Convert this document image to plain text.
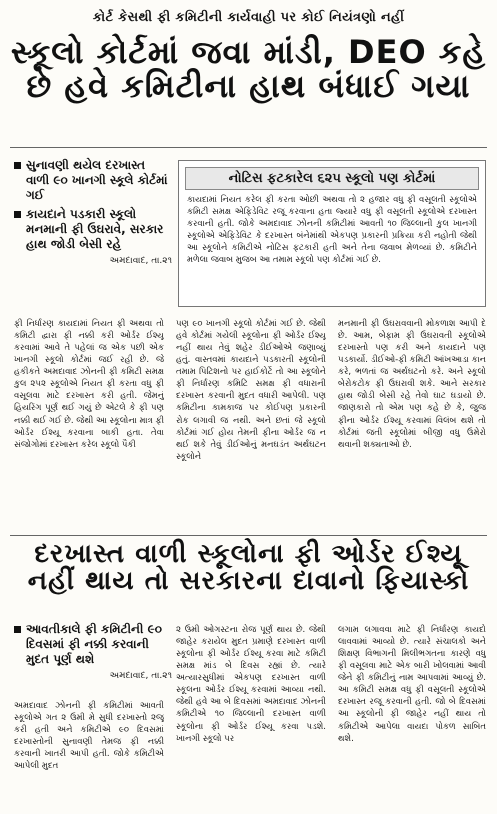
કોર્ટ કેસથી ફી કમિટીની કાર્યવાહી પર કોઈ નિયંત્રણો નહીં
સ્કૂલો કોર્ટમાં જવા માંડી, DEO કહે છે હવે કમિટીના હાથ બંધાઈ ગયા
સુનાવણી થયેલ દરખાસ્ત વાળી ૯૦ ખાનગી સ્કૂલે કોર્ટમાં ગઈ
કાયદાને પડકારી સ્કૂલો મનમાની ફી ઉઘરાવે, સરકાર હાથ જોડી બેસી રહે
અમદાવાદ, તા.૨૧
નોટિસ ફટકારેલ ૬૨૫ સ્કૂલો પણ કોર્ટમાં
કાયદામાં નિયત કરેલ ફી કરતા ઓછી અથવા તો ૨ હજાર વધુ ફી વસૂલતી સ્કૂલોએ કમિટી સમક્ષ એફિડેવિટ રજૂ કરવાના હતા જ્યારે વધુ ફી વસૂલતી સ્કૂલોએ દરખાસ્ત કરવાની હતી. જોકે અમદાવાદ ઝોનની કમિટીમાં આવતી ૧૦ જિલ્લાની કુલ ખાનગી સ્કૂલોએ એફિડેવિટ કે દરખાસ્ત બંનેમાંથી એકપણ પ્રકારની પ્રક્રિયા કરી નહોતી જેથી આ સ્કૂલોને કમિટીએ નોટિસ ફટકારી હતી અને તેના જવાબ મેળવ્યાં છે. કમિટીને મળેલા જવાબ મુજબ આ તમામ સ્કૂલો પણ કોર્ટમાં ગઈ છે.
ફી નિર્ધારણ કાયદામાં નિયત ફી અથવા તો કમિટી દ્વારા ફી નક્કી કરી ઓર્ડર ઈશ્યૂ કરવામાં આવે તે પહેલાં જ એક પછી એક ખાનગી સ્કૂલો કોર્ટમાં જઈ રહી છે. જે હકીકતે અમદાવાદ ઝોનની ફી કમિટી સમક્ષ કુલ ૨૫૨ સ્કૂલોએ નિયત ફી કરતા વધુ ફી વસૂલવા માટે દરખાસ્ત કરી હતી. જેમનું હિયરિંગ પૂર્ણ થઈ ગયું છે એટલે કે ફી પણ નક્કી થઈ ગઈ છે. જેથી આ સ્કૂલોના માત્ર ફી ઓર્ડર ઈશ્યૂ કરવાના બાકી હતા. તેવા સંજોગોમાં દરખાસ્ત કરેલ સ્કૂલો પૈકી
પણ ૯૦ ખાનગી સ્કૂલો કોર્ટમાં ગઈ છે. જેથી હવે કોર્ટમાં ગયેલી સ્કૂલોના ફી ઓર્ડર ઈશ્યૂ નહીં થાય તેવું શહેર ડીઈઓએ જણાવ્યું હતું. વાસ્તવમાં કાયદાને પડકારતી સ્કૂલોની તમામ પિટિશનો પર હાઈકોર્ટે તો આ સ્કૂલોને ફી નિર્ધારણ કમિટિ સમક્ષ ફી વધારાની દરખાસ્ત કરવાની મુદત વધારી આપેલી. પણ કમિટીના કામકાજ પર કોઈપણ પ્રકારની રોક લગાવી જ નથી. અને છતાં જે સ્કૂલો કોર્ટમાં ગઈ હોય તેમની ફીના ઓર્ડર જ ન થઈ શકે તેવું ડીઈઓનું મનઘડંત અર્થઘટન સ્કૂલોને
મનમાની ફી ઉઘરાવવાની મોકળાશ આપી દે છે. આમ, બેફામ ફી ઉઘરાવતી સ્કૂલોએ દરખાસ્તો પણ કરી અને કાયદાને પણ પડકાર્યો. ડીઈઓ-ફી કમિટી આંખઆડા કાન કરે, ભળતાં જ અર્થઘટનો કરે. અને સ્કૂલો બેરોકટોક ફી ઉઘરાવી શકે. આને સરકાર હાથ જોડી બેસી રહે તેવો ઘાટ ઘડાયો છે. જાણકારો તો એમ પણ કહે છે કે, જુજ ફીના ઓર્ડર ઈશ્યૂ કરવામાં વિલંબ થશે તો કોર્ટમાં જતી સ્કૂલોમાં બીજી વધુ ઉમેરો થવાની શક્યતાઓ છે.
દરખાસ્ત વાળી સ્કૂલોના ફી ઓર્ડર ઈશ્યૂ નહીં થાય તો સરકારના દાવાનો ફિયાસ્કો
આવતીકાલે ફી કમિટીની ૯૦ દિવસમાં ફી નક્કી કરવાની મુદત પૂર્ણ થશે
અમદાવાદ, તા.૨૧
અમદાવાદ ઝોનની ફી કમિટીમાં આવતી સ્કૂલોએ ગત ૨ ઉમી મે સુધી દરખાસ્તો ૨જૂ કરી હતી અને કમિટીએ ૯૦ દિવસમાં દરખાસ્તોની સુનાવણી તેમજ ફી નક્કી કરવાની ખાતરી આપી હતી. જોકે કમિટીએ આપેલી મુદત
૨ ઉમી ઓગસ્ટના રોજ પૂર્ણ થાય છે. જેથી જાહેર કરાયેલ મુદત પ્રમાણે દરખાસ્ત વાળી સ્કૂલોના ફી ઓર્ડર ઈશ્યૂ કરવા માટે કમિટી સમક્ષ માંડ બે દિવસ રહ્યાં છે. ત્યારે અત્યારસુધીમાં એકપણ દરખાસ્ત વાળી સ્કૂલના ઓર્ડર ઈશ્યૂ કરવામાં આવ્યા નથી. જેથી હવે આ બે દિવસમાં અમદાવાદ ઝોનની કમિટીએ ૧૦ જિલ્લાની દરખાસ્ત વાળી સ્કૂલોના ફી ઓર્ડર ઈશ્યૂ કરવા પડશે. ખાનગી સ્કૂલો પર
લગામ લગાવવા માટે ફી નિર્ધારણ કાયદો લાવવામાં આવ્યો છે. ત્યારે સંચાલકો અને શિક્ષણ વિભાગની મિલીભગતના કારણે વધુ ફી વસૂલવા માટે એક બારી ખોલવામાં આવી જેને ફી કમિટીનું નામ આપવામાં આવ્યું છે. આ કમિટી સમક્ષ વધુ ફી વસૂલતી સ્કૂલોએ દરખાસ્ત રજૂ કરવાની હતી. જો બે દિવસમાં આ સ્કૂલોની ફી જાહેર નહીં થાય તો કમિટીએ આપેલા વાયદા પોકળ સાબિત થશે.
